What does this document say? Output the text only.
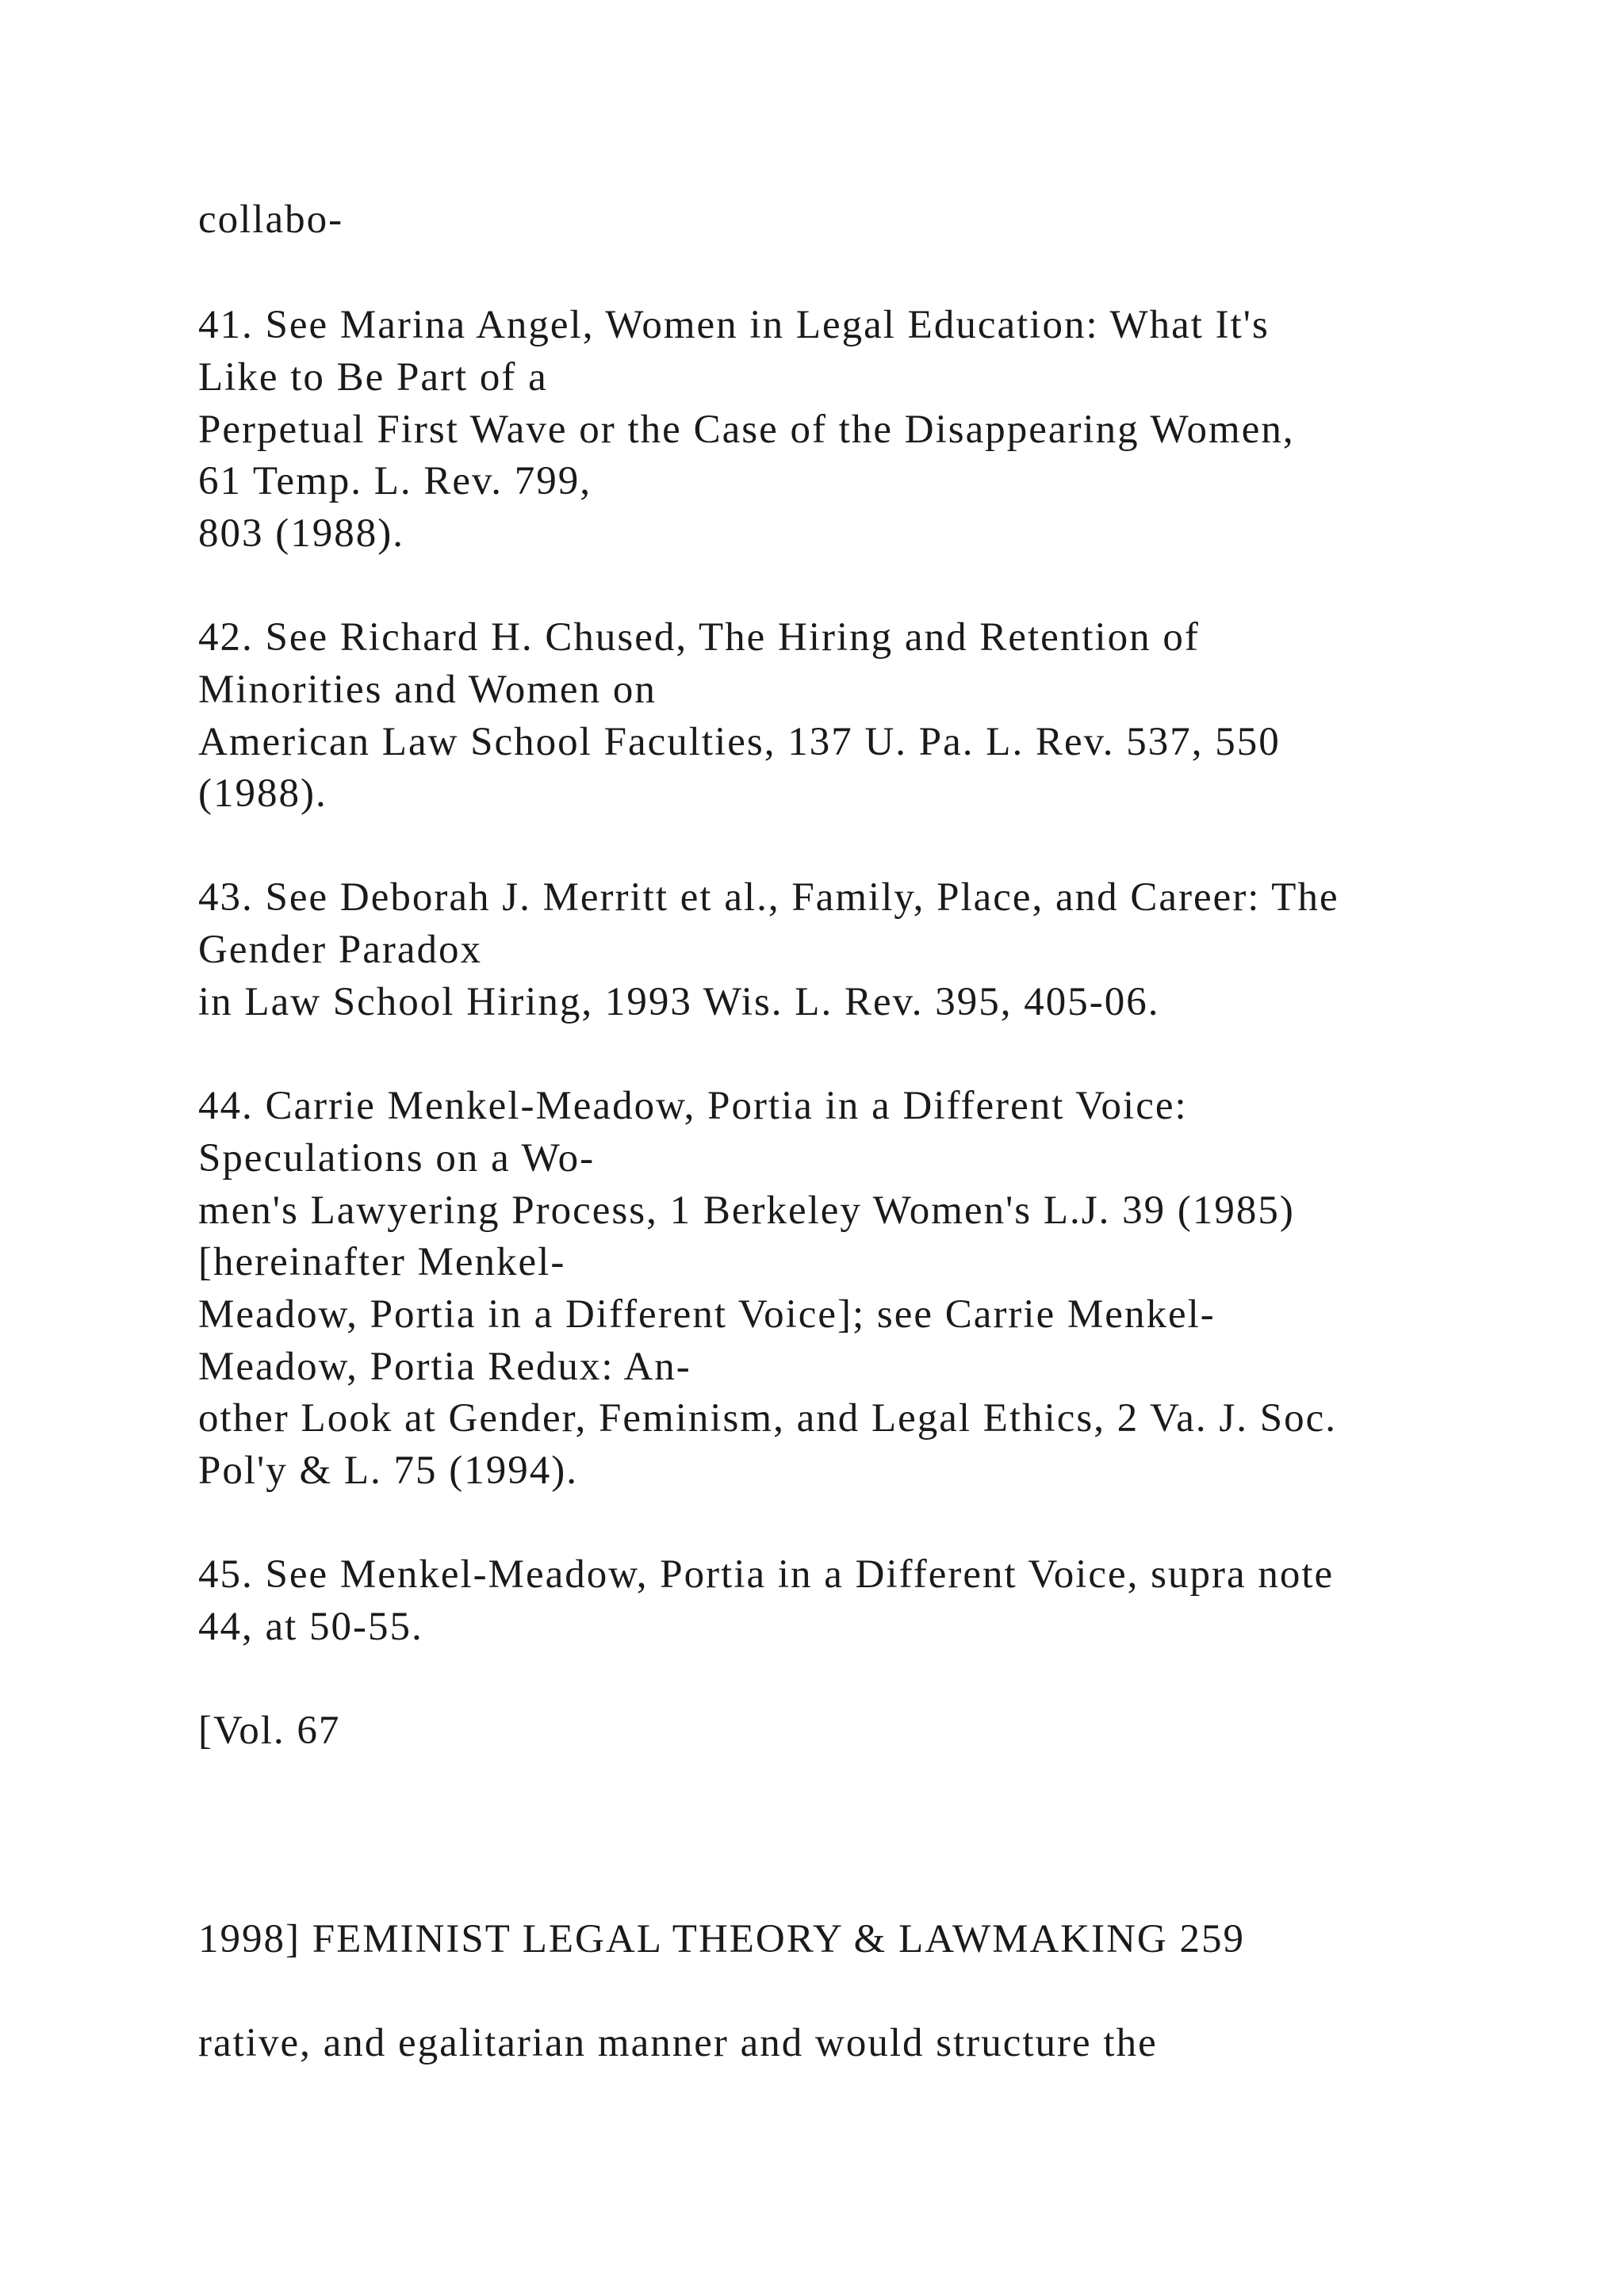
collabo-

41. See Marina Angel, Women in Legal Education: What It's

Like to Be Part of a

Perpetual First Wave or the Case of the Disappearing Women,

61 Temp. L. Rev. 799,

803 (1988).

42. See Richard H. Chused, The Hiring and Retention of

Minorities and Women on

American Law School Faculties, 137 U. Pa. L. Rev. 537, 550

(1988).

43. See Deborah J. Merritt et al., Family, Place, and Career: The

Gender Paradox

in Law School Hiring, 1993 Wis. L. Rev. 395, 405-06.

44. Carrie Menkel-Meadow, Portia in a Different Voice:

Speculations on a Wo-

men's Lawyering Process, 1 Berkeley Women's L.J. 39 (1985)

[hereinafter Menkel-

Meadow, Portia in a Different Voice]; see Carrie Menkel-

Meadow, Portia Redux: An-

other Look at Gender, Feminism, and Legal Ethics, 2 Va. J. Soc.

Pol'y & L. 75 (1994).

45. See Menkel-Meadow, Portia in a Different Voice, supra note

44, at 50-55.

[Vol. 67

1998] FEMINIST LEGAL THEORY & LAWMAKING 259

rative, and egalitarian manner and would structure the
